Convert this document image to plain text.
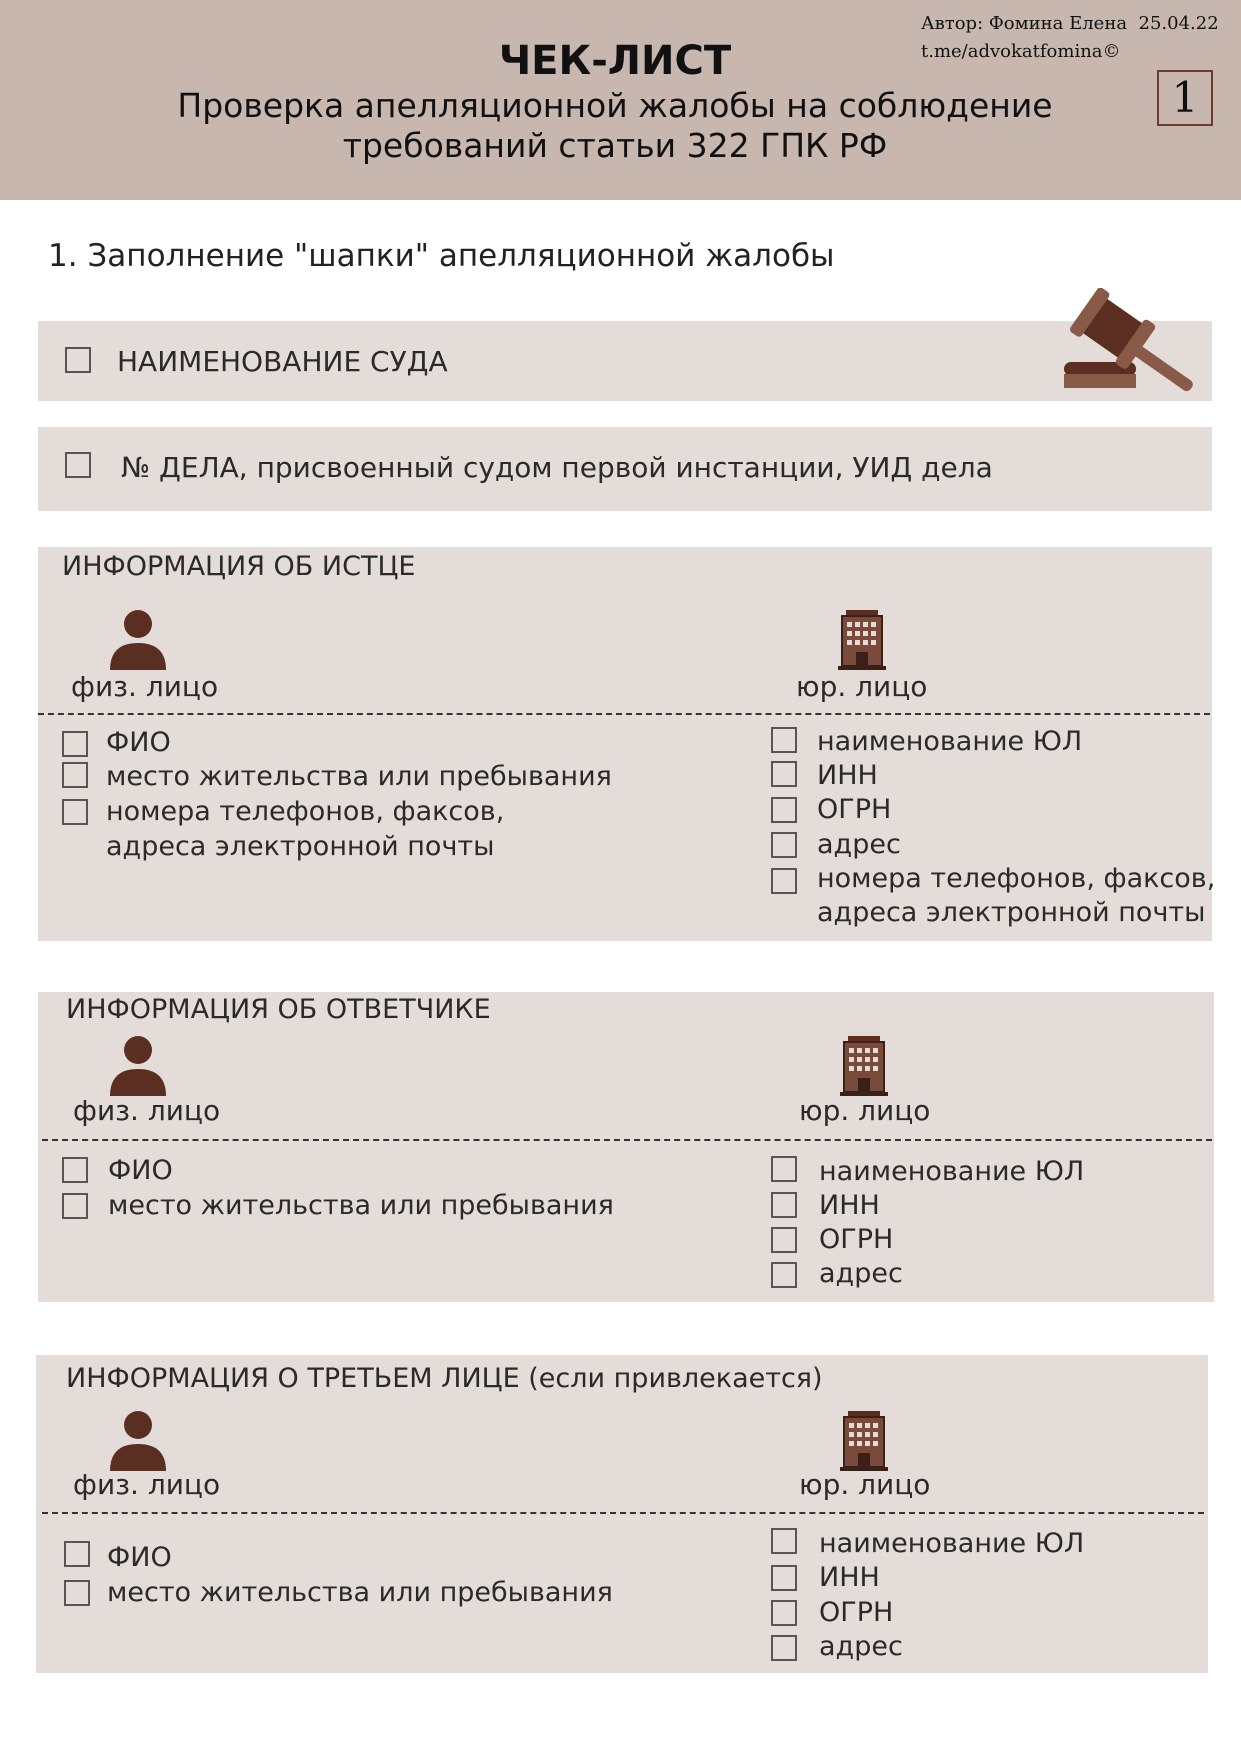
ЧЕК-ЛИСТ
Проверка апелляционной жалобы на соблюдение
требований статьи 322 ГПК РФ
Автор: Фомина Елена  25.04.22
t.me/advokatfomina©
1
1. Заполнение "шапки" апелляционной жалобы
НАИМЕНОВАНИЕ СУДА
№ ДЕЛА, присвоенный судом первой инстанции, УИД дела
ИНФОРМАЦИЯ ОБ ИСТЦЕ
физ. лицо	юр. лицо
ФИО
место жительства или пребывания
номера телефонов, факсов,
адреса электронной почты
наименование ЮЛ
ИНН
ОГРН
адрес
номера телефонов, факсов,
адреса электронной почты
ИНФОРМАЦИЯ ОБ ОТВЕТЧИКЕ
физ. лицо	юр. лицо
ФИО
место жительства или пребывания
наименование ЮЛ
ИНН
ОГРН
адрес
ИНФОРМАЦИЯ О ТРЕТЬЕМ ЛИЦЕ (если привлекается)
физ. лицо	юр. лицо
ФИО
место жительства или пребывания
наименование ЮЛ
ИНН
ОГРН
адрес
